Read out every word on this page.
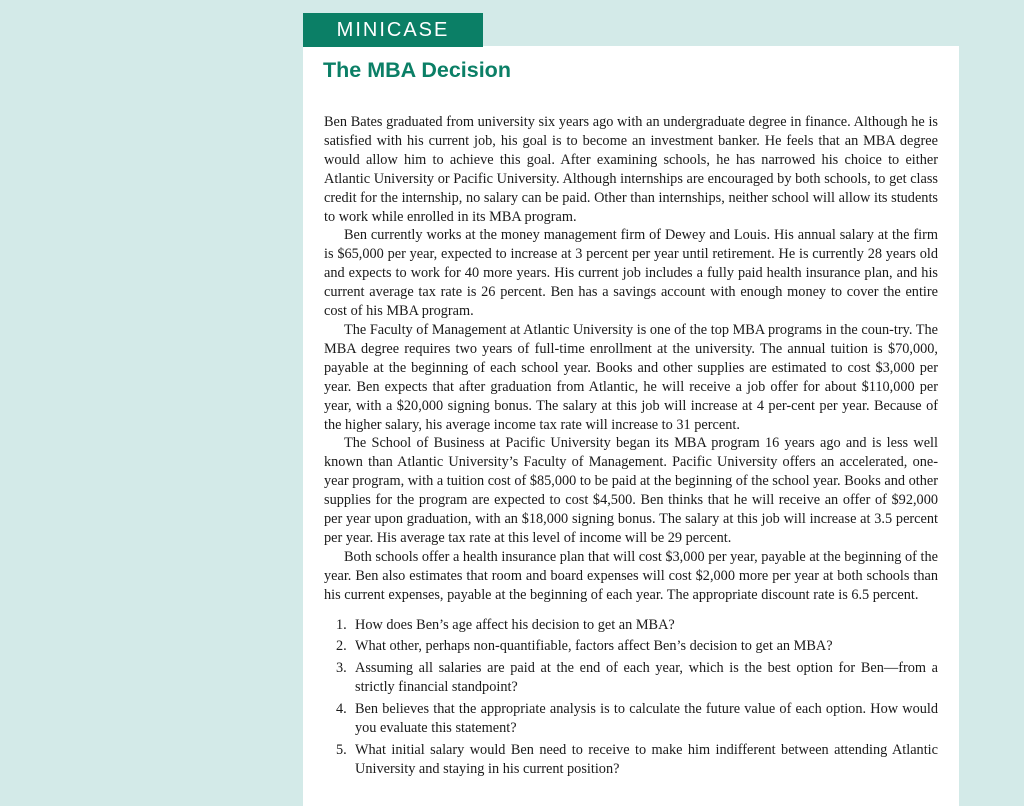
MINICASE
The MBA Decision

Ben Bates graduated from university six years ago with an undergraduate degree in finance. Although he is satisfied with his current job, his goal is to become an investment banker. He feels that an MBA degree would allow him to achieve this goal. After examining schools, he has narrowed his choice to either Atlantic University or Pacific University. Although internships are encouraged by both schools, to get class credit for the internship, no salary can be paid. Other than internships, neither school will allow its students to work while enrolled in its MBA program.

Ben currently works at the money management firm of Dewey and Louis. His annual salary at the firm is $65,000 per year, expected to increase at 3 percent per year until retirement. He is currently 28 years old and expects to work for 40 more years. His current job includes a fully paid health insurance plan, and his current average tax rate is 26 percent. Ben has a savings account with enough money to cover the entire cost of his MBA program.

The Faculty of Management at Atlantic University is one of the top MBA programs in the coun-try. The MBA degree requires two years of full-time enrollment at the university. The annual tuition is $70,000, payable at the beginning of each school year. Books and other supplies are estimated to cost $3,000 per year. Ben expects that after graduation from Atlantic, he will receive a job offer for about $110,000 per year, with a $20,000 signing bonus. The salary at this job will increase at 4 per-cent per year. Because of the higher salary, his average income tax rate will increase to 31 percent.

The School of Business at Pacific University began its MBA program 16 years ago and is less well known than Atlantic University’s Faculty of Management. Pacific University offers an accelerated, one-year program, with a tuition cost of $85,000 to be paid at the beginning of the school year. Books and other supplies for the program are expected to cost $4,500. Ben thinks that he will receive an offer of $92,000 per year upon graduation, with an $18,000 signing bonus. The salary at this job will increase at 3.5 percent per year. His average tax rate at this level of income will be 29 percent.

Both schools offer a health insurance plan that will cost $3,000 per year, payable at the beginning of the year. Ben also estimates that room and board expenses will cost $2,000 more per year at both schools than his current expenses, payable at the beginning of each year. The appropriate discount rate is 6.5 percent.

1. How does Ben’s age affect his decision to get an MBA?
2. What other, perhaps non-quantifiable, factors affect Ben’s decision to get an MBA?
3. Assuming all salaries are paid at the end of each year, which is the best option for Ben—from a strictly financial standpoint?
4. Ben believes that the appropriate analysis is to calculate the future value of each option. How would you evaluate this statement?
5. What initial salary would Ben need to receive to make him indifferent between attending Atlantic University and staying in his current position?
